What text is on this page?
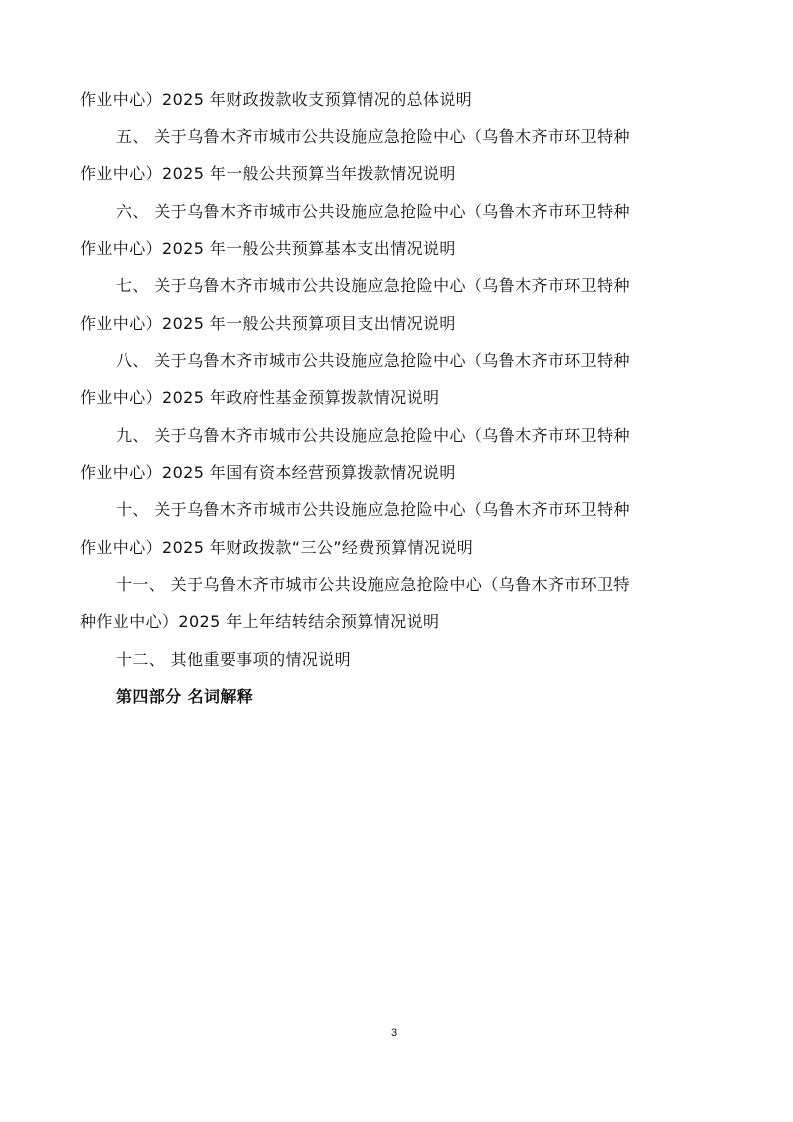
作业中心）2025 年财政拨款收支预算情况的总体说明
五、 关于乌鲁木齐市城市公共设施应急抢险中心（乌鲁木齐市环卫特种
作业中心）2025 年一般公共预算当年拨款情况说明
六、 关于乌鲁木齐市城市公共设施应急抢险中心（乌鲁木齐市环卫特种
作业中心）2025 年一般公共预算基本支出情况说明
七、 关于乌鲁木齐市城市公共设施应急抢险中心（乌鲁木齐市环卫特种
作业中心）2025 年一般公共预算项目支出情况说明
八、 关于乌鲁木齐市城市公共设施应急抢险中心（乌鲁木齐市环卫特种
作业中心）2025 年政府性基金预算拨款情况说明
九、 关于乌鲁木齐市城市公共设施应急抢险中心（乌鲁木齐市环卫特种
作业中心）2025 年国有资本经营预算拨款情况说明
十、 关于乌鲁木齐市城市公共设施应急抢险中心（乌鲁木齐市环卫特种
作业中心）2025 年财政拨款“三公”经费预算情况说明
十一、 关于乌鲁木齐市城市公共设施应急抢险中心（乌鲁木齐市环卫特
种作业中心）2025 年上年结转结余预算情况说明
十二、 其他重要事项的情况说明
第四部分 名词解释
3
